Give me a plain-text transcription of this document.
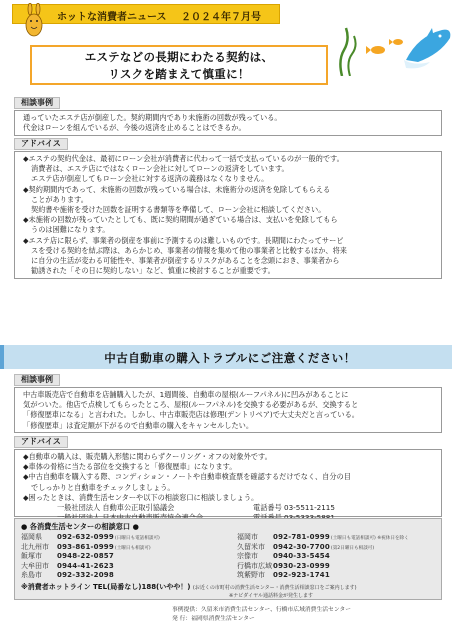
ホットな消費者ニュース ２０２４年７月号
エステなどの長期にわたる契約は、
リスクを踏まえて慎重に！
相談事例

通っていたエステ店が倒産した。契約期間内であり未施術の回数が残っている。

代金はローンを組んでいるが、今後の返済を止めることはできるか。

アドバイス

◆エステの契約代金は、最初にローン会社が消費者に代わって一括で支払っているのが一般的です。

消費者は、エステ店にではなくローン会社に対してローンの返済をしています。

エステ店が倒産してもローン会社に対する返済の義務はなくなりません。

◆契約期間内であって、未施術の回数が残っている場合は、未施術分の返済を免除してもらえる

ことがあります。

契約書や施術を受けた回数を証明する書類等を準備して、ローン会社に相談してください。

◆未施術の回数が残っていたとしても、既に契約期間が過ぎている場合は、支払いを免除してもら

うのは困難になります。

◆エステ店に限らず、事業者の倒産を事前に予測するのは難しいものです。長期間にわたってサービ

スを受ける契約を結ぶ際は、あらかじめ、事業者の情報を集めて他の事業者と比較するほか、将来

に自分の生活が変わる可能性や、事業者が倒産するリスクがあることを念頭におき、事業者から

勧誘された「その日に契約しない」など、慎重に検討することが重要です。

中古自動車の購入トラブルにご注意ください！
相談事例

中古車販売店で自動車を店舗購入したが、1週間後、自動車の屋根(ルーフパネル)に凹みがあることに

気がついた。他店で点検してもらったところ、屋根(ルーフパネル)を交換する必要があるが、交換すると

「修復歴車になる」と言われた。しかし、中古車販売店は修理(デントリペア)で大丈夫だと言っている。

「修復歴車」は査定額が下がるので自動車の購入をキャンセルしたい。

アドバイス

◆自動車の購入は、販売購入形態に関わらずクーリング・オフの対象外です。

◆車体の骨格に当たる部位を交換すると「修復歴車」になります。

◆中古自動車を購入する際、コンディション・ノートや自動車検査票を確認するだけでなく、自分の目

でしっかりと自動車をチェックしましょう。

◆困ったときは、消費生活センターや以下の相談窓口に相談しましょう。

一般社団法人 自動車公正取引協議会	電話番号 03-5511-2115

● 各消費生活センターの相談窓口 ●
福岡県 092-632-0999(日曜日も電話相談可)
北九州市 093-861-0999(土曜日も相談可)
飯塚市 0948-22-0857
大牟田市 0944-41-2623
糸島市 092-332-2098
福岡市 092-781-0999(土曜日も電話相談可) ※祝休日を除く
久留米市 0942-30-7700(第2日曜日も相談可)
宗像市 0940-33-5454
行橋市広域0930-23-0999
筑紫野市 092-923-1741
※消費者ホットライン TEL(局番なし)188(いやや！) (お近くの市町村の消費生活センター・消費生活相談窓口をご案内します)
※ナビダイヤル通話料金が発生します
事例提供：久留米市消費生活センター、行橋市広域消費生活センター
発 行：福岡県消費生活センター
